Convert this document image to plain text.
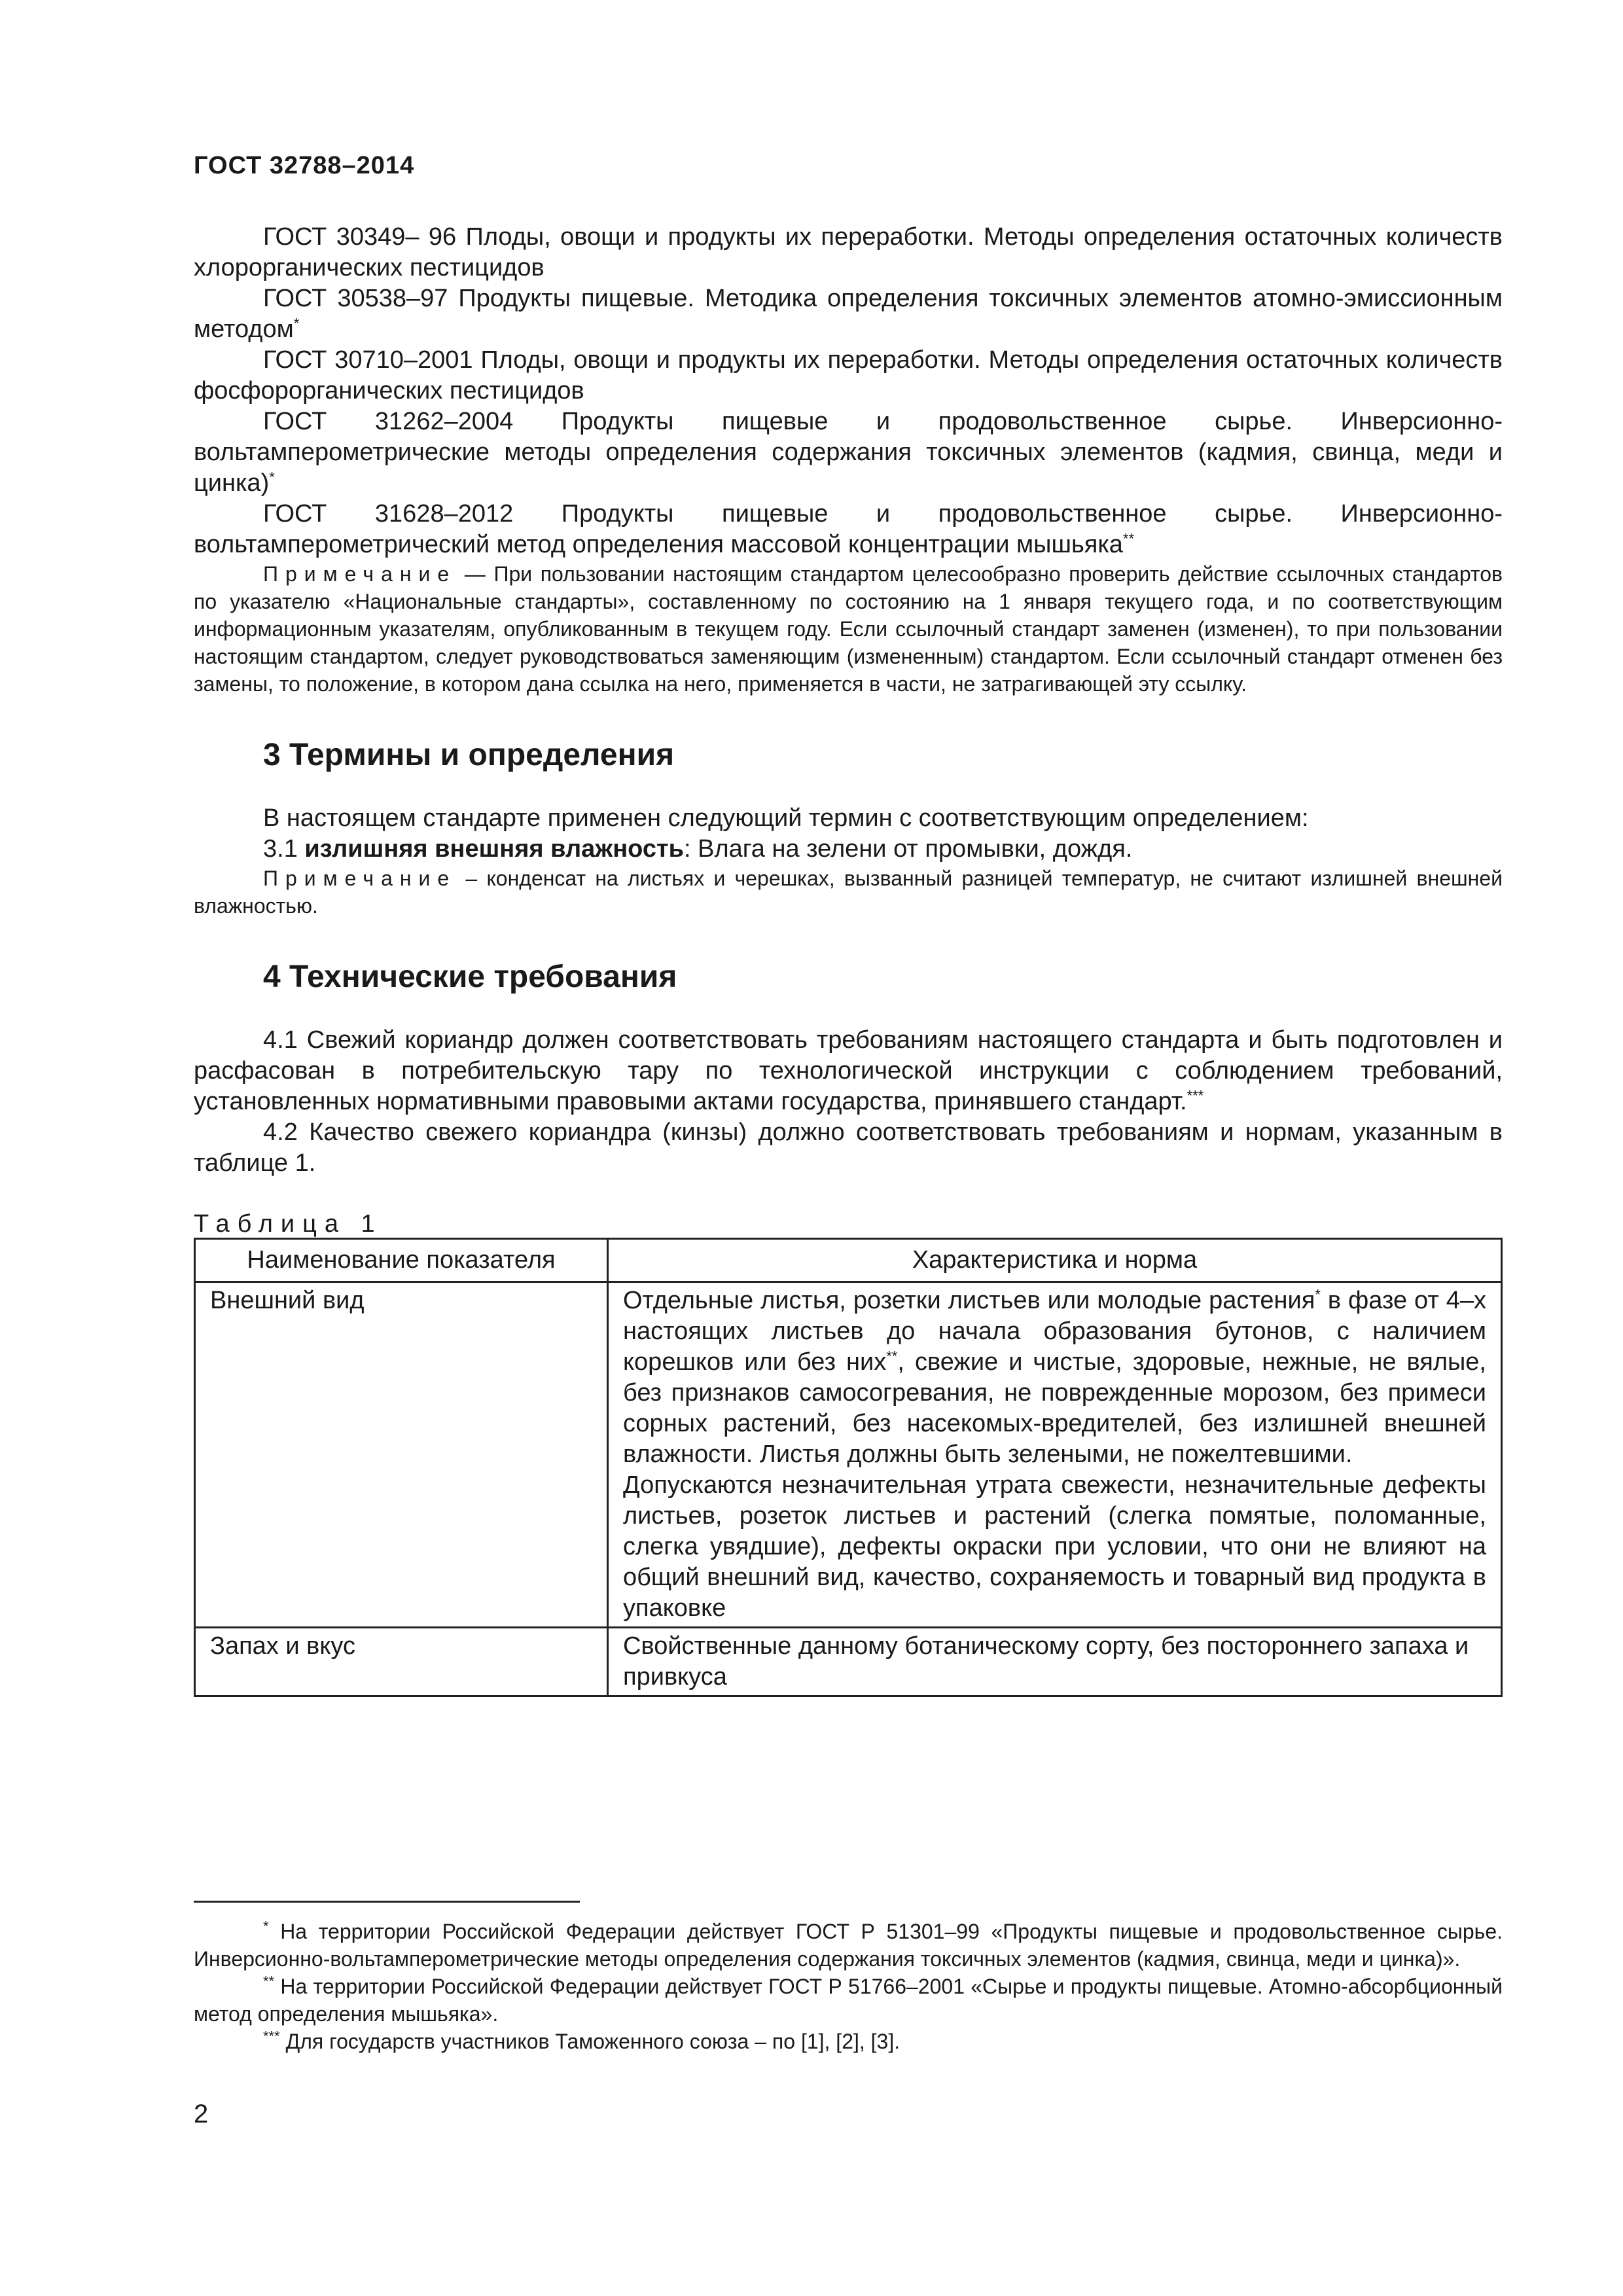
ГОСТ 32788–2014

ГОСТ 30349– 96 Плоды, овощи и продукты их переработки. Методы определения остаточных количеств хлорорганических пестицидов

ГОСТ 30538–97 Продукты пищевые. Методика определения токсичных элементов атомно-эмиссионным методом*

ГОСТ 30710–2001 Плоды, овощи и продукты их переработки. Методы определения остаточных количеств фосфорорганических пестицидов

ГОСТ 31262–2004 Продукты пищевые и продовольственное сырье. Инверсионно-вольтамперометрические методы определения содержания токсичных элементов (кадмия, свинца, меди и цинка)*

ГОСТ 31628–2012 Продукты пищевые и продовольственное сырье. Инверсионно-вольтамперометрический метод определения массовой концентрации мышьяка**

Примечание — При пользовании настоящим стандартом целесообразно проверить действие ссылочных стандартов по указателю «Национальные стандарты», составленному по состоянию на 1 января текущего года, и по соответствующим информационным указателям, опубликованным в текущем году. Если ссылочный стандарт заменен (изменен), то при пользовании настоящим стандартом, следует руководствоваться заменяющим (измененным) стандартом. Если ссылочный стандарт отменен без замены, то положение, в котором дана ссылка на него, применяется в части, не затрагивающей эту ссылку.

3 Термины и определения

В настоящем стандарте применен следующий термин с соответствующим определением:

3.1 излишняя внешняя влажность: Влага на зелени от промывки, дождя.

Примечание – конденсат на листьях и черешках, вызванный разницей температур, не считают излишней внешней влажностью.

4 Технические требования

4.1 Свежий кориандр должен соответствовать требованиям настоящего стандарта и быть подготовлен и расфасован в потребительскую тару по технологической инструкции с соблюдением требований, установленных нормативными правовыми актами государства, принявшего стандарт.***

4.2 Качество свежего кориандра (кинзы) должно соответствовать требованиям и нормам, указанным в таблице 1.

Таблица 1
Наименование показателя	Характеристика и норма
Внешний вид	Отдельные листья, розетки листьев или молодые растения* в фазе от 4–х настоящих листьев до начала образования бутонов, с наличием корешков или без них**, свежие и чистые, здоровые, нежные, не вялые, без признаков самосогревания, не поврежденные морозом, без примеси сорных растений, без насекомых-вредителей, без излишней внешней влажности. Листья должны быть зелеными, не пожелтевшими.
Допускаются незначительная утрата свежести, незначительные дефекты листьев, розеток листьев и растений (слегка помятые, поломанные, слегка увядшие), дефекты окраски при условии, что они не влияют на общий внешний вид, качество, сохраняемость и товарный вид продукта в упаковке

Запах и вкус	Свойственные данному ботаническому сорту, без постороннего запаха и привкуса

* На территории Российской Федерации действует ГОСТ Р 51301–99 «Продукты пищевые и продовольственное сырье. Инверсионно-вольтамперометрические методы определения содержания токсичных элементов (кадмия, свинца, меди и цинка)».

** На территории Российской Федерации действует ГОСТ Р 51766–2001 «Сырье и продукты пищевые. Атомно-абсорбционный метод определения мышьяка».

*** Для государств участников Таможенного союза – по [1], [2], [3].

2
